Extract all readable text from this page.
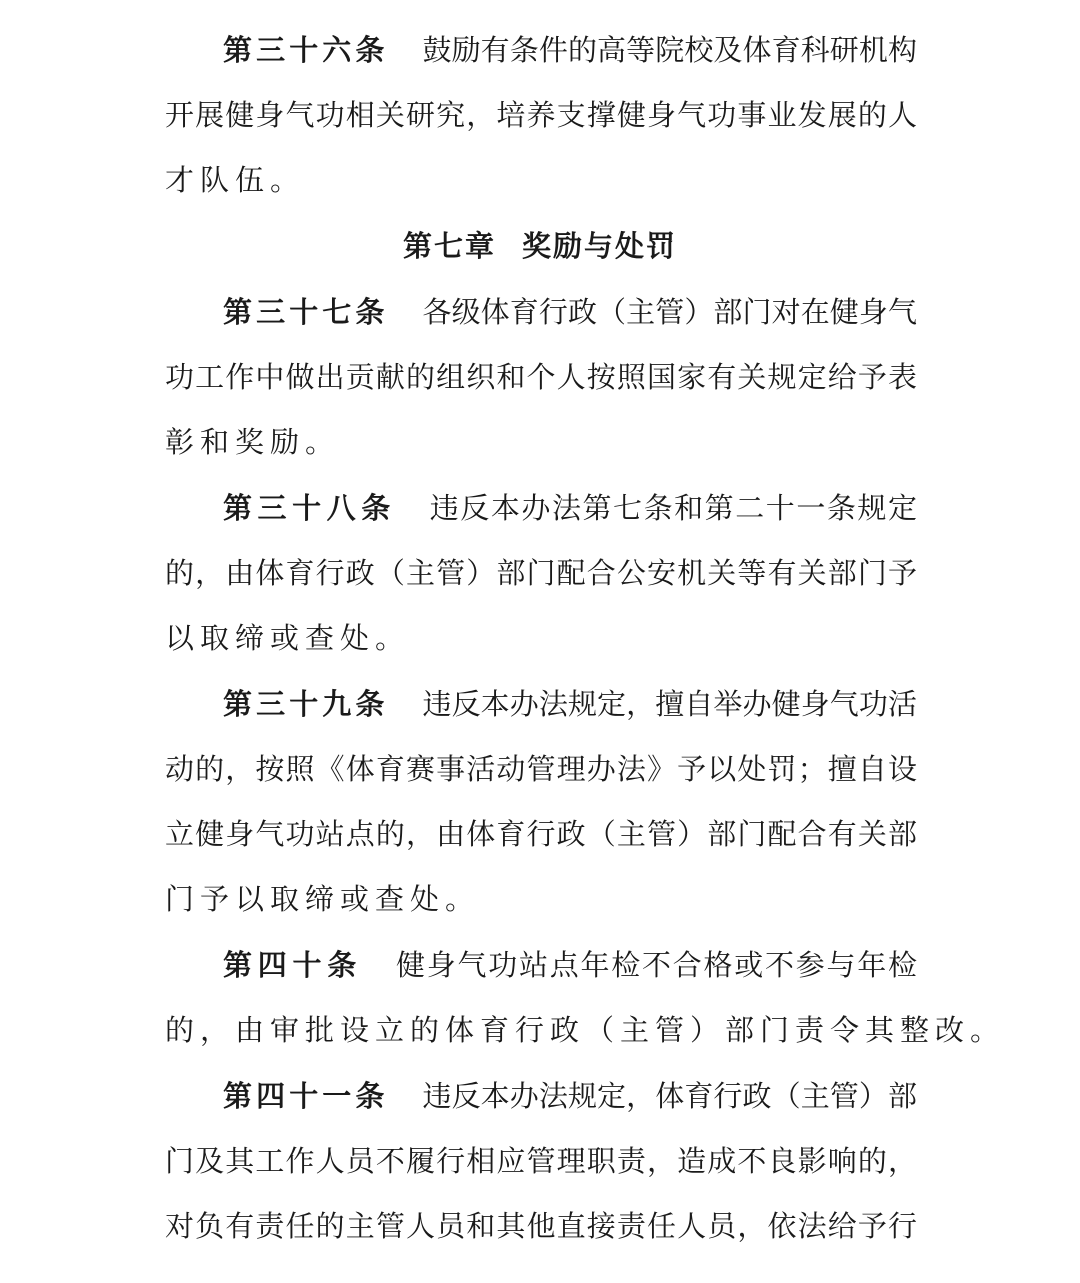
第三十六条 鼓励有条件的高等院校及体育科研机构
开展健身气功相关研究，培养支撑健身气功事业发展的人
才队伍。
第七章 奖励与处罚
第三十七条 各级体育行政（主管）部门对在健身气
功工作中做出贡献的组织和个人按照国家有关规定给予表
彰和奖励。
第三十八条 违反本办法第七条和第二十一条规定
的，由体育行政（主管）部门配合公安机关等有关部门予
以取缔或查处。
第三十九条 违反本办法规定，擅自举办健身气功活
动的，按照《体育赛事活动管理办法》予以处罚；擅自设
立健身气功站点的，由体育行政（主管）部门配合有关部
门予以取缔或查处。
第四十条 健身气功站点年检不合格或不参与年检
的，由审批设立的体育行政（主管）部门责令其整改。
第四十一条 违反本办法规定，体育行政（主管）部
门及其工作人员不履行相应管理职责，造成不良影响的，
对负有责任的主管人员和其他直接责任人员，依法给予行
